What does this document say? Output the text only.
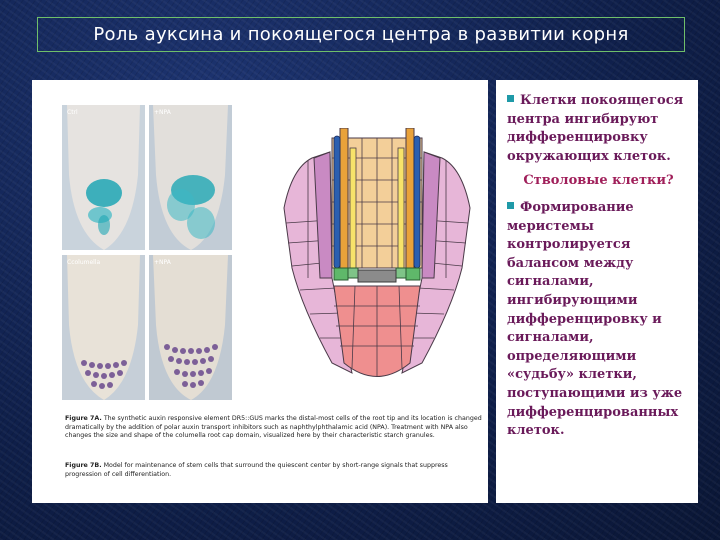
Роль ауксина и покоящегося центра в развитии корня
Ctrl	+NPA
Ccolumella	+NPA
Figure 7A. The synthetic auxin responsive element DR5::GUS marks the distal-most cells of the root tip and its location is changed dramatically by the addition of polar auxin transport inhibitors such as naphthylphthalamic acid (NPA). Treatment with NPA also changes the size and shape of the columella root cap domain, visualized here by their characteristic starch granules.
Figure 7B. Model for maintenance of stem cells that surround the quiescent center by short-range signals that suppress progression of cell differentiation.
Клетки покоящегося центра ингибируют дифференцировку окружающих клеток.
Стволовые клетки?
Формирование меристемы контролируется балансом между сигналами, ингибирующими дифференцировку и сигналами, определяющими «судьбу» клетки, поступающими из уже дифференцированных клеток.
